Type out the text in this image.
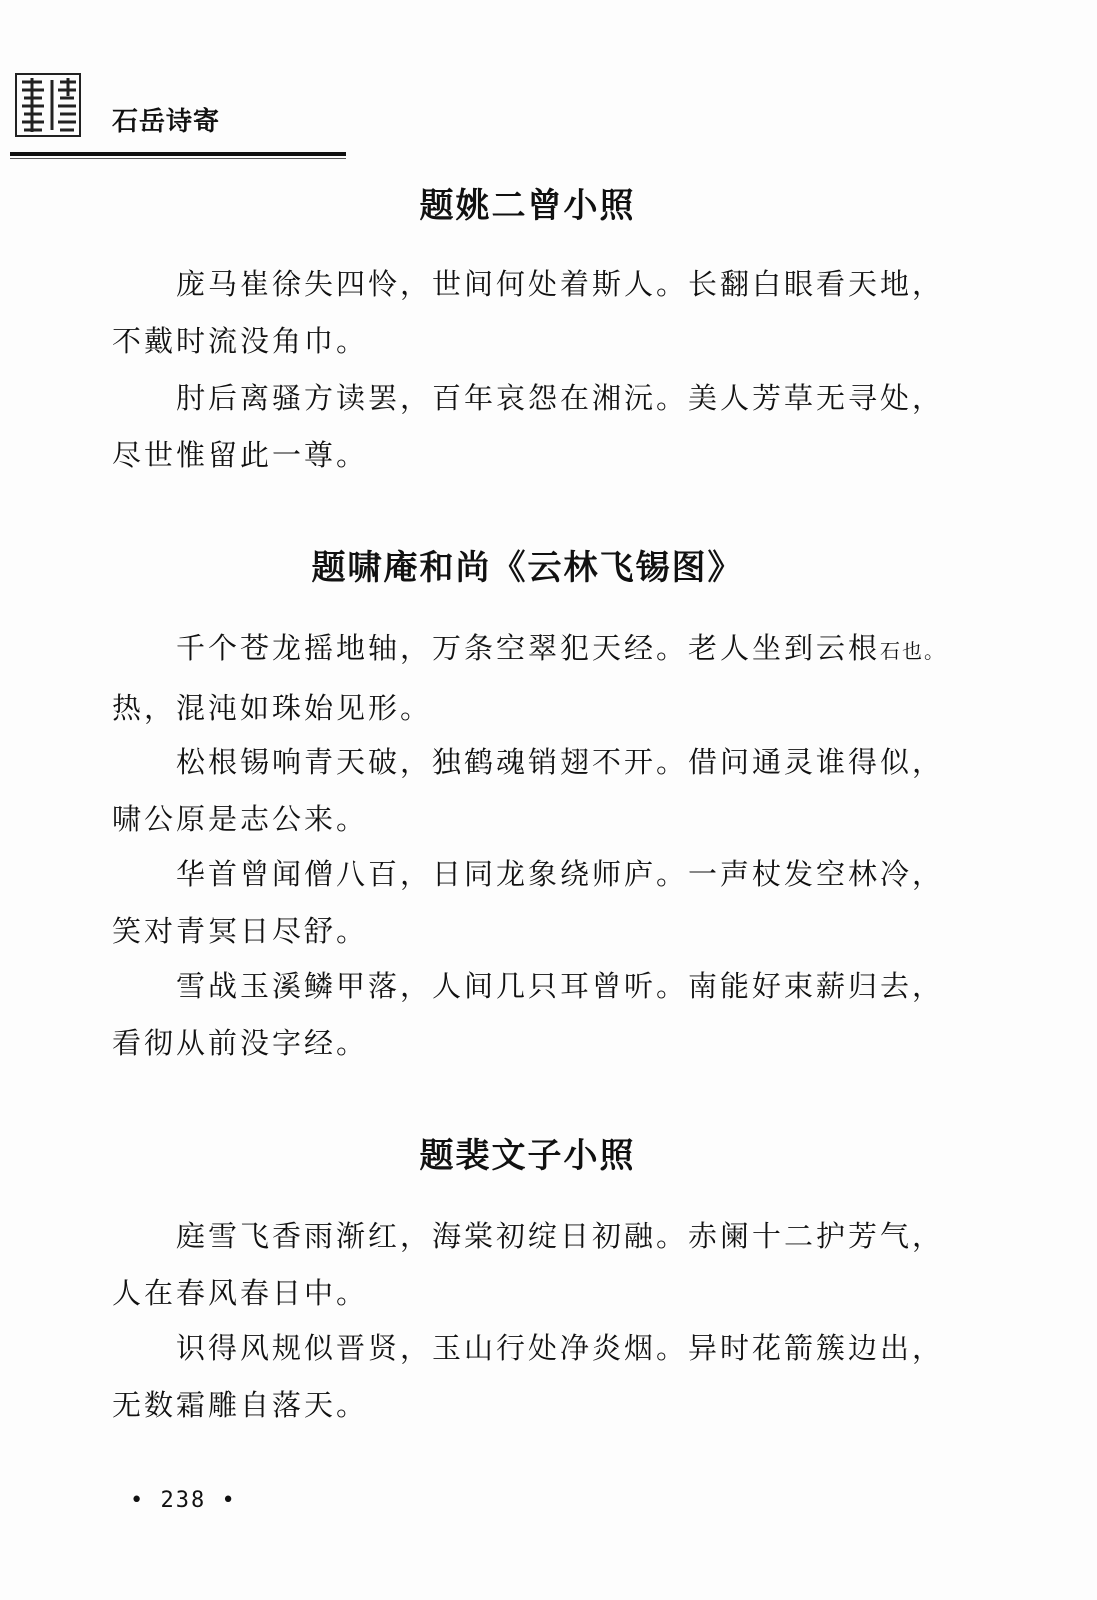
石岳诗寄
题姚二曾小照
庞马崔徐失四怜，世间何处着斯人。长翻白眼看天地，
不戴时流没角巾。
肘后离骚方读罢，百年哀怨在湘沅。美人芳草无寻处，
尽世惟留此一尊。
题啸庵和尚《云林飞锡图》
千个苍龙摇地轴，万条空翠犯天经。老人坐到云根石也。
热，混沌如珠始见形。
松根锡响青天破，独鹤魂销翅不开。借问通灵谁得似，
啸公原是志公来。
华首曾闻僧八百，日同龙象绕师庐。一声杖发空林冷，
笑对青冥日尽舒。
雪战玉溪鳞甲落，人间几只耳曾听。南能好束薪归去，
看彻从前没字经。
题裴文子小照
庭雪飞香雨渐红，海棠初绽日初融。赤阑十二护芳气，
人在春风春日中。
识得风规似晋贤，玉山行处净炎烟。异时花箭簇边出，
无数霜雕自落天。
• 238 •
